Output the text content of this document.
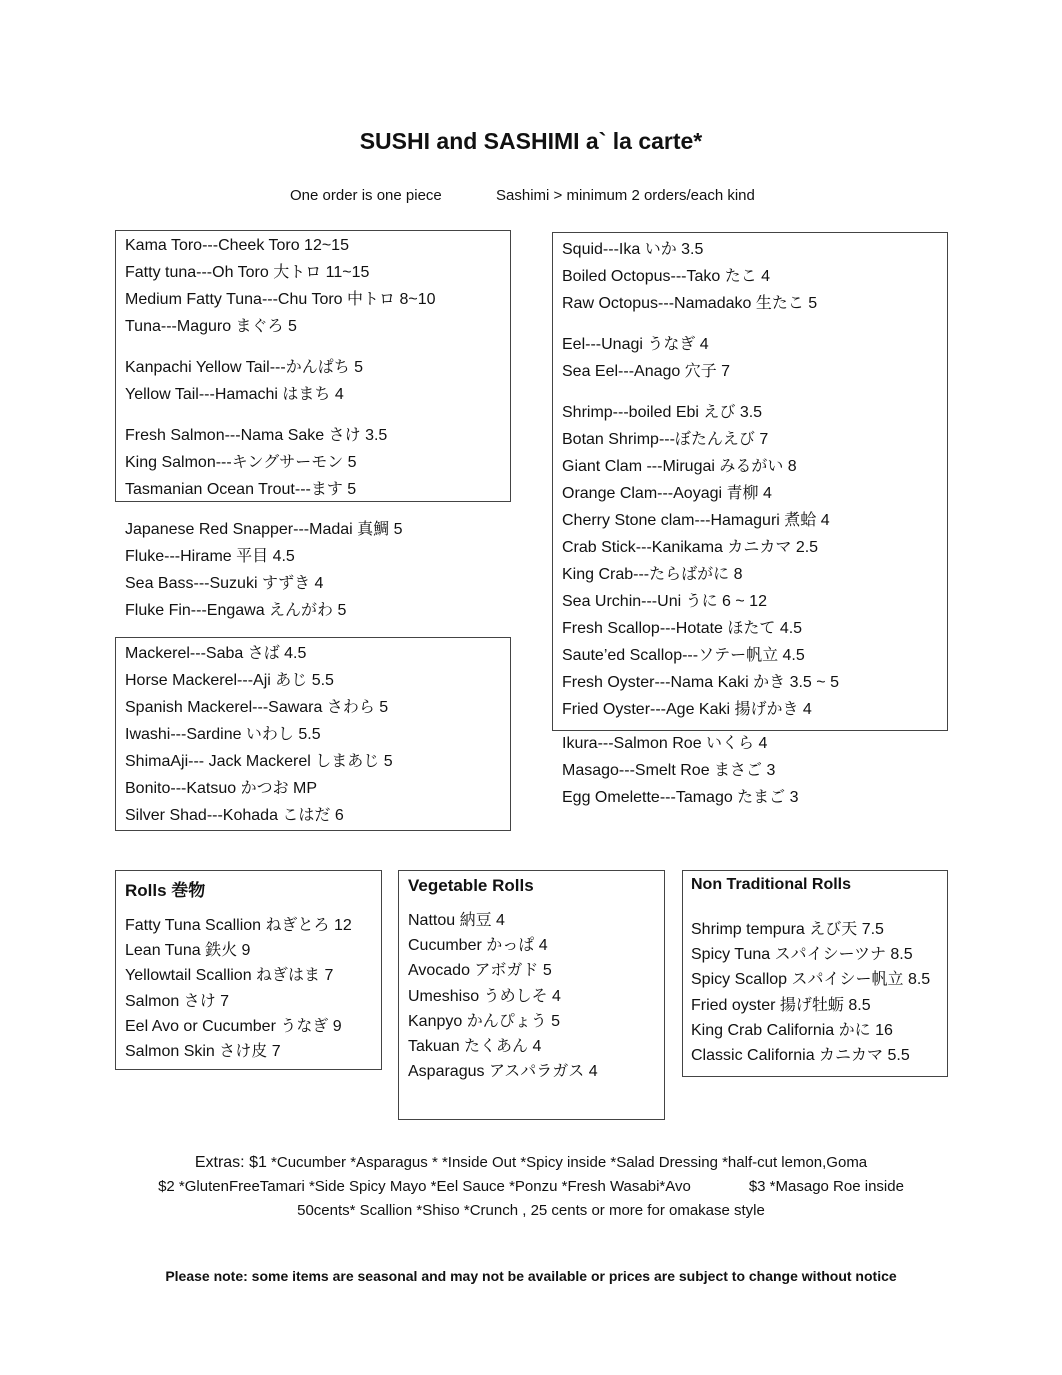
SUSHI and SASHIMI a` la carte*
One order is one piece	Sashimi > minimum 2 orders/each kind
Kama Toro---Cheek Toro 12~15
Fatty tuna---Oh Toro 大トロ 11~15
Medium Fatty Tuna---Chu Toro 中トロ 8~10
Tuna---Maguro まぐろ 5
Kanpachi Yellow Tail---かんぱち 5
Yellow Tail---Hamachi はまち 4
Fresh Salmon---Nama Sake さけ 3.5
King Salmon---キングサーモン 5
Tasmanian Ocean Trout---ます 5
Japanese Red Snapper---Madai 真鯛 5
Fluke---Hirame 平目 4.5
Sea Bass---Suzuki すずき 4
Fluke Fin---Engawa えんがわ 5
Mackerel---Saba さば 4.5
Horse Mackerel---Aji あじ 5.5
Spanish Mackerel---Sawara さわら 5
Iwashi---Sardine いわし 5.5
ShimaAji--- Jack Mackerel しまあじ 5
Bonito---Katsuo かつお MP
Silver Shad---Kohada こはだ 6
Squid---Ika いか 3.5
Boiled Octopus---Tako たこ 4
Raw Octopus---Namadako 生たこ 5
Eel---Unagi うなぎ 4
Sea Eel---Anago 穴子 7
Shrimp---boiled Ebi えび 3.5
Botan Shrimp---ぼたんえび 7
Giant Clam ---Mirugai みるがい 8
Orange Clam---Aoyagi 青柳 4
Cherry Stone clam---Hamaguri 煮蛤 4
Crab Stick---Kanikama カニカマ 2.5
King Crab---たらばがに 8
Sea Urchin---Uni うに 6 ~ 12
Fresh Scallop---Hotate ほたて 4.5
Saute’ed Scallop---ソテー帆立 4.5
Fresh Oyster---Nama Kaki かき 3.5 ~ 5
Fried Oyster---Age Kaki 揚げかき 4
Ikura---Salmon Roe いくら 4
Masago---Smelt Roe まさご 3
Egg Omelette---Tamago たまご 3
Rolls 巻物
Fatty Tuna Scallion ねぎとろ 12
Lean Tuna 鉄火 9
Yellowtail Scallion ねぎはま 7
Salmon さけ 7
Eel Avo or Cucumber うなぎ 9
Salmon Skin さけ皮 7
Vegetable Rolls
Nattou 納豆 4
Cucumber かっぱ 4
Avocado アボガド 5
Umeshiso うめしそ 4
Kanpyo かんぴょう 5
Takuan たくあん 4
Asparagus アスパラガス 4
Non Traditional Rolls
Shrimp tempura えび天 7.5
Spicy Tuna スパイシーツナ 8.5
Spicy Scallop スパイシー帆立 8.5
Fried oyster 揚げ牡蛎 8.5
King Crab California かに 16
Classic California カニカマ 5.5
Extras: $1 *Cucumber *Asparagus * *Inside Out *Spicy inside *Salad Dressing *half-cut lemon,Goma
$2 *GlutenFreeTamari *Side Spicy Mayo *Eel Sauce *Ponzu *Fresh Wasabi*Avo	$3 *Masago Roe inside
50cents* Scallion *Shiso *Crunch , 25 cents or more for omakase style
Please note: some items are seasonal and may not be available or prices are subject to change without notice
